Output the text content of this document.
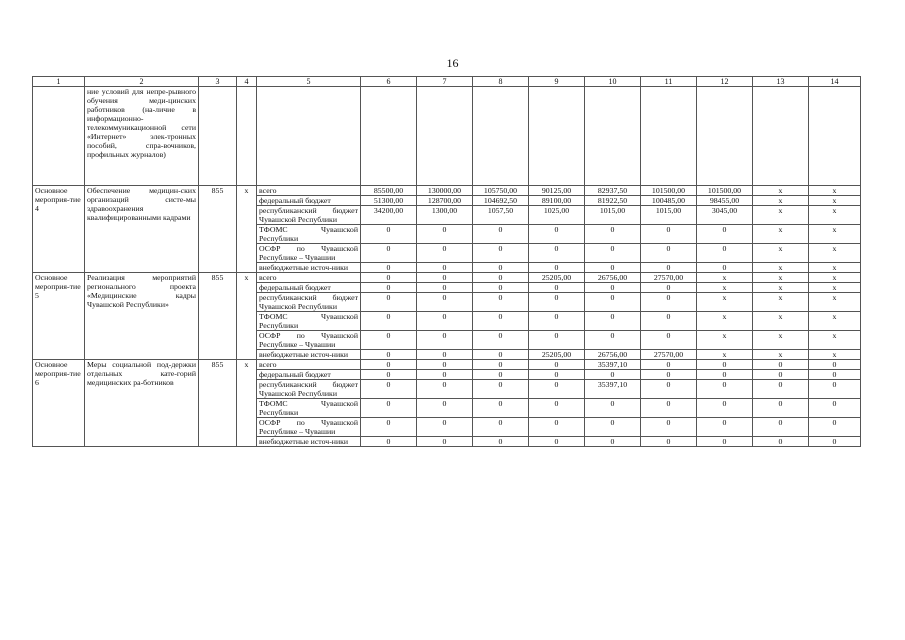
16
1	2	3	4	5	6	7	8	9	10	11	12	13	14
	ние условий для непре-рывного обучения меди-цинских работников (на-личие в информационно-телекоммуникационной сети «Интернет» элек-тронных пособий, спра-вочников, профильных журналов)												
Основное мероприя-тие 4	Обеспечение медицин-ских организаций систе-мы здравоохранения квалифицированными кадрами	855	x	всего	85500,00	130000,00	105750,00	90125,00	82937,50	101500,00	101500,00	x	x
				федеральный бюджет	51300,00	128700,00	104692,50	89100,00	81922,50	100485,00	98455,00	x	x
				республиканский бюджет Чувашской Республики	34200,00	1300,00	1057,50	1025,00	1015,00	1015,00	3045,00	x	x
				ТФОМС Чувашской Республики	0	0	0	0	0	0	0	x	x
				ОСФР по Чувашской Республике – Чувашии	0	0	0	0	0	0	0	x	x
				внебюджетные источ-ники	0	0	0	0	0	0	0	x	x
Основное мероприя-тие 5	Реализация мероприятий регионального проекта «Медицинские кадры Чувашской Республики»	855	x	всего	0	0	0	25205,00	26756,00	27570,00	x	x	x
				федеральный бюджет	0	0	0	0	0	0	x	x	x
				республиканский бюджет Чувашской Республики	0	0	0	0	0	0	x	x	x
				ТФОМС Чувашской Республики	0	0	0	0	0	0	x	x	x
				ОСФР по Чувашской Республике – Чувашии	0	0	0	0	0	0	x	x	x
				внебюджетные источ-ники	0	0	0	25205,00	26756,00	27570,00	x	x	x
Основное мероприя-тие 6	Меры социальной под-держки отдельных кате-горий медицинских ра-ботников	855	x	всего	0	0	0	0	35397,10	0	0	0	0
				федеральный бюджет	0	0	0	0	0	0	0	0	0
				республиканский бюджет Чувашской Республики	0	0	0	0	35397,10	0	0	0	0
				ТФОМС Чувашской Республики	0	0	0	0	0	0	0	0	0
				ОСФР по Чувашской Республике – Чувашии	0	0	0	0	0	0	0	0	0
				внебюджетные источ-ники	0	0	0	0	0	0	0	0	0
